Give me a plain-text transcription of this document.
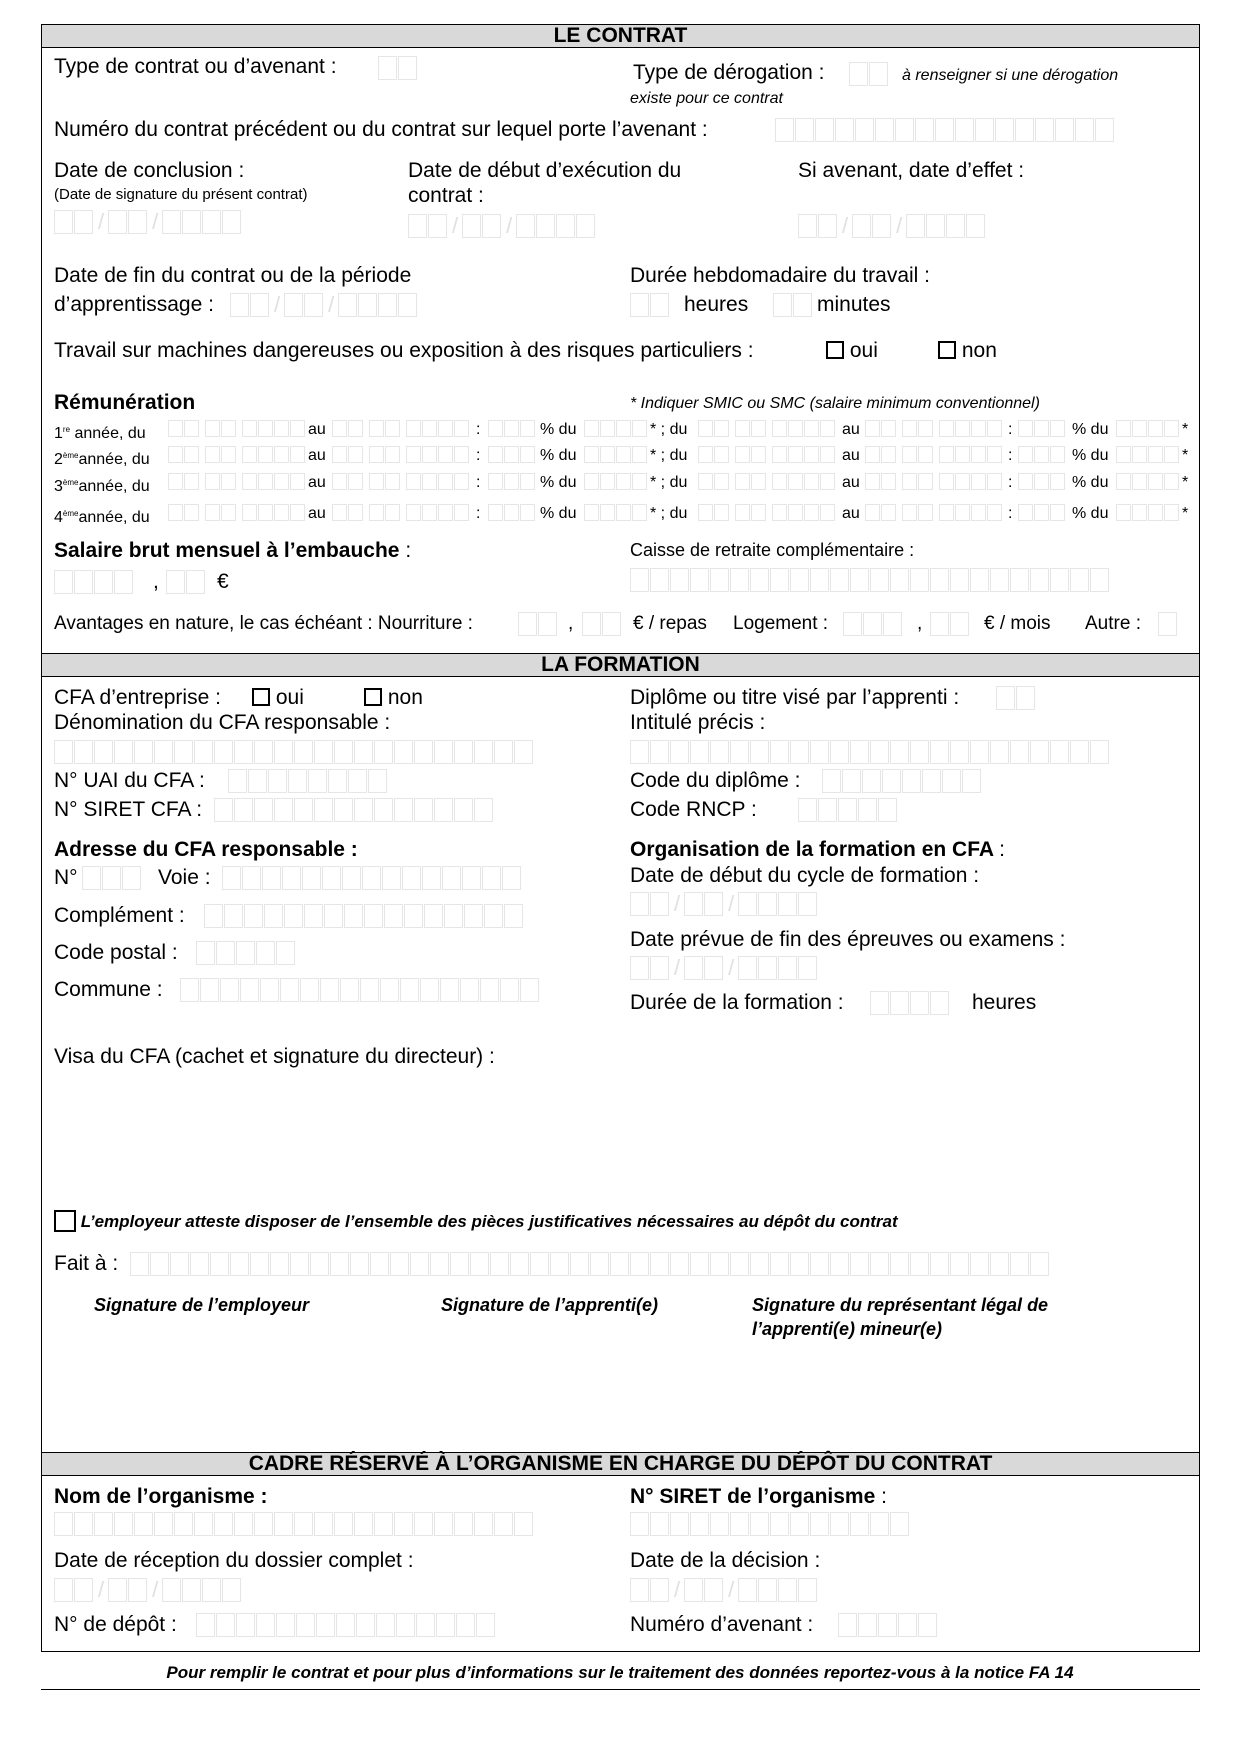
LE CONTRAT
Type de contrat ou d’avenant :	Type de dérogation :	à renseigner si une dérogation
existe pour ce contrat
Numéro du contrat précédent ou du contrat sur lequel porte l’avenant :
Date de conclusion :
(Date de signature du présent contrat)
/ /
Date de début d’exécution du
contrat :
/ /
Si avenant, date d’effet :
/ /
Date de fin du contrat ou de la période
d’apprentissage :	/ /
Durée hebdomadaire du travail :
heures	minutes
Travail sur machines dangereuses ou exposition à des risques particuliers :	oui	non
Rémunération	* Indiquer SMIC ou SMC (salaire minimum conventionnel)
1re année, du	au	:	% du	* ; du	au	:	% du	*
2èmeannée, du	au	:	% du	* ; du	au	:	% du	*
3èmeannée, du	au	:	% du	* ; du	au	:	% du	*
4èmeannée, du	au	:	% du	* ; du	au	:	% du	*
Salaire brut mensuel à l’embauche :
,	€
Caisse de retraite complémentaire :
Avantages en nature, le cas échéant : Nourriture :	,	€ / repas Logement :	,	€ / mois Autre :
LA FORMATION
CFA d’entreprise :	oui	non	Diplôme ou titre visé par l’apprenti :
Dénomination du CFA responsable :	Intitulé précis :
N° UAI du CFA :	Code du diplôme :
N° SIRET CFA :	Code RNCP :
Adresse du CFA responsable :	Organisation de la formation en CFA :
N°	Voie :	Date de début du cycle de formation :
/ /
Complément :
Date prévue de fin des épreuves ou examens :
/ /
Code postal :
Commune :
Durée de la formation :	heures
Visa du CFA (cachet et signature du directeur) :
L’employeur atteste disposer de l’ensemble des pièces justificatives nécessaires au dépôt du contrat
Fait à :
Signature de l’employeur	Signature de l’apprenti(e)	Signature du représentant légal de
l’apprenti(e) mineur(e)
CADRE RÉSERVÉ À L’ORGANISME EN CHARGE DU DÉPÔT DU CONTRAT
Nom de l’organisme :	N° SIRET de l’organisme :
Date de réception du dossier complet :
/ /
Date de la décision :
/ /
N° de dépôt :	Numéro d’avenant :
Pour remplir le contrat et pour plus d’informations sur le traitement des données reportez-vous à la notice FA 14
